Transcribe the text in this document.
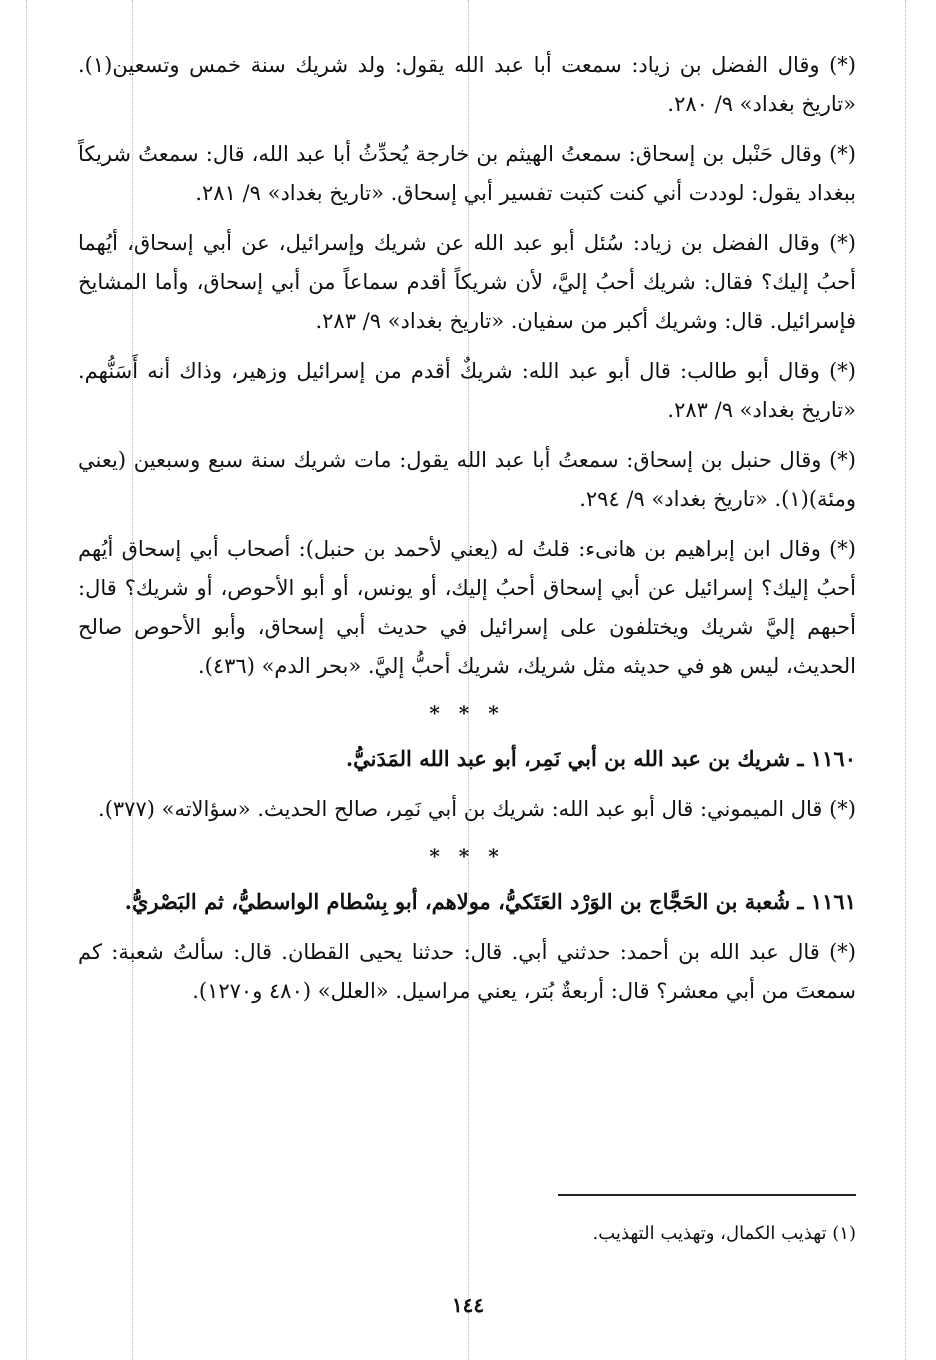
(*) وقال الفضل بن زياد: سمعت أبا عبد الله يقول: ولد شريك سنة خمس وتسعين(١). «تاريخ بغداد» ٩/ ٢٨٠.

(*) وقال حَنْبل بن إسحاق: سمعتُ الهيثم بن خارجة يُحدِّثُ أبا عبد الله، قال: سمعتُ شريكاً ببغداد يقول: لوددت أني كنت كتبت تفسير أبي إسحاق. «تاريخ بغداد» ٩/ ٢٨١.

(*) وقال الفضل بن زياد: سُئل أبو عبد الله عن شريك وإسرائيل، عن أبي إسحاق، أيُهما أحبُ إليك؟ فقال: شريك أحبُ إليَّ، لأن شريكاً أقدم سماعاً من أبي إسحاق، وأما المشايخ فإسرائيل. قال: وشريك أكبر من سفيان. «تاريخ بغداد» ٩/ ٢٨٣.

(*) وقال أبو طالب: قال أبو عبد الله: شريكٌ أقدم من إسرائيل وزهير، وذاك أنه أَسَنُّهم. «تاريخ بغداد» ٩/ ٢٨٣.

(*) وقال حنبل بن إسحاق: سمعتُ أبا عبد الله يقول: مات شريك سنة سبع وسبعين (يعني ومئة)(١). «تاريخ بغداد» ٩/ ٢٩٤.

(*) وقال ابن إبراهيم بن هانىء: قلتُ له (يعني لأحمد بن حنبل): أصحاب أبي إسحاق أيُهم أحبُ إليك؟ إسرائيل عن أبي إسحاق أحبُ إليك، أو يونس، أو أبو الأحوص، أو شريك؟ قال: أحبهم إليَّ شريك ويختلفون على إسرائيل في حديث أبي إسحاق، وأبو الأحوص صالح الحديث، ليس هو في حديثه مثل شريك، شريك أحبُّ إليَّ. «بحر الدم» (٤٣٦).

* * *
١١٦٠ ـ شريك بن عبد الله بن أبي نَمِر، أبو عبد الله المَدَنيُّ.

(*) قال الميموني: قال أبو عبد الله: شريك بن أبي نَمِر، صالح الحديث. «سؤالاته» (٣٧٧).

* * *
١١٦١ ـ شُعبة بن الحَجَّاج بن الوَرْد العَتَكيُّ، مولاهم، أبو بِسْطام الواسطيُّ، ثم البَصْريُّ.

(*) قال عبد الله بن أحمد: حدثني أبي. قال: حدثنا يحيى القطان. قال: سألتُ شعبة: كم سمعتَ من أبي معشر؟ قال: أربعةٌ بُتر، يعني مراسيل. «العلل» (٤٨٠ و١٢٧٠).

(١) تهذيب الكمال، وتهذيب التهذيب.
١٤٤
